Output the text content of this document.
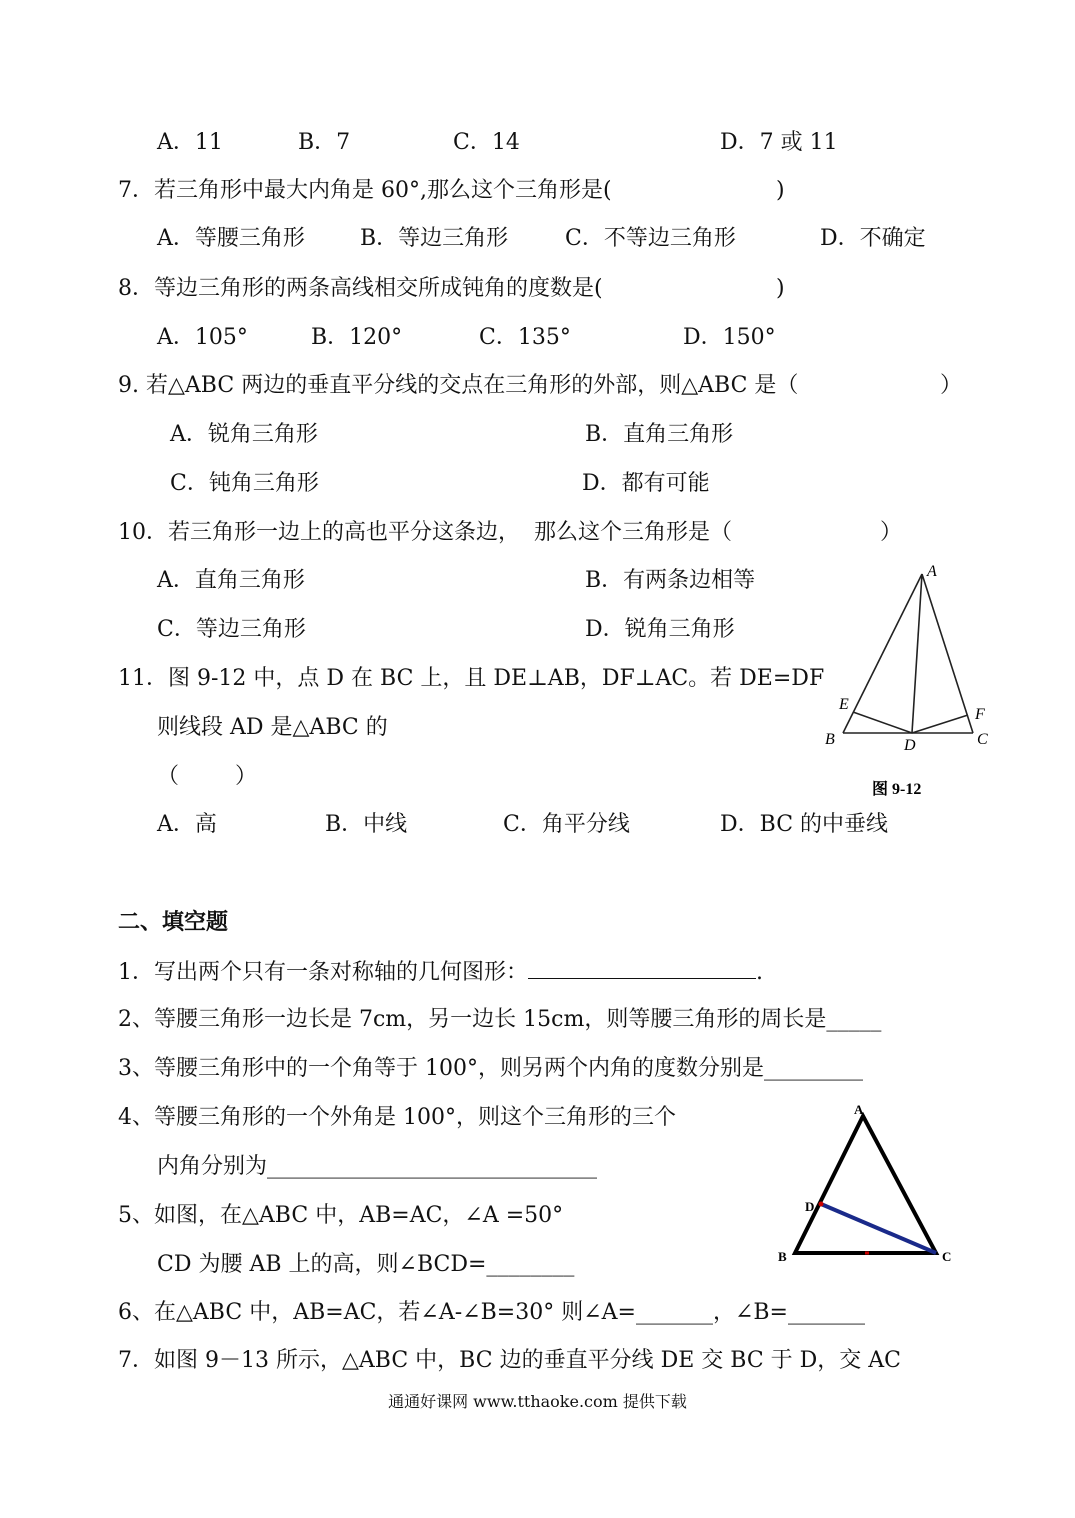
A．11	B．7	C．14	D．7 或 11
7．若三角形中最大内角是 60°,那么这个三角形是(	)
A．等腰三角形	B．等边三角形	C．不等边三角形	D．不确定
8．等边三角形的两条高线相交所成钝角的度数是(	)
A．105°	B．120°	C．135°	D．150°
9. 若△ABC 两边的垂直平分线的交点在三角形的外部，则△ABC 是（	）
A．锐角三角形	B．直角三角形
C．钝角三角形	D．都有可能
10．若三角形一边上的高也平分这条边，  那么这个三角形是（	）
A．直角三角形	B．有两条边相等
C．等边三角形	D．锐角三角形
11．图 9-12 中，点 D 在 BC 上，且 DE⊥AB，DF⊥AC。若 DE=DF
则线段 AD 是△ABC 的
（        ）
A．高	B．中线	C．角平分线	D．BC 的中垂线
A
E
F
B	D	C
图 9-12
二、填空题
1．写出两个只有一条对称轴的几何图形：	.
2、等腰三角形一边长是 7cm，另一边长 15cm，则等腰三角形的周长是_____
3、等腰三角形中的一个角等于 100°，则另两个内角的度数分别是_________
4、等腰三角形的一个外角是 100°，则这个三角形的三个
内角分别为______________________________
5、如图，在△ABC 中，AB=AC，∠A =50°
CD 为腰 AB 上的高，则∠BCD=________
6、在△ABC 中，AB=AC，若∠A-∠B=30° 则∠A=_______，∠B=_______
7．如图 9－13 所示，△ABC 中，BC 边的垂直平分线 DE 交 BC 于 D，交 AC
A
D
B	C
通通好课网 www.tthaoke.com 提供下载
